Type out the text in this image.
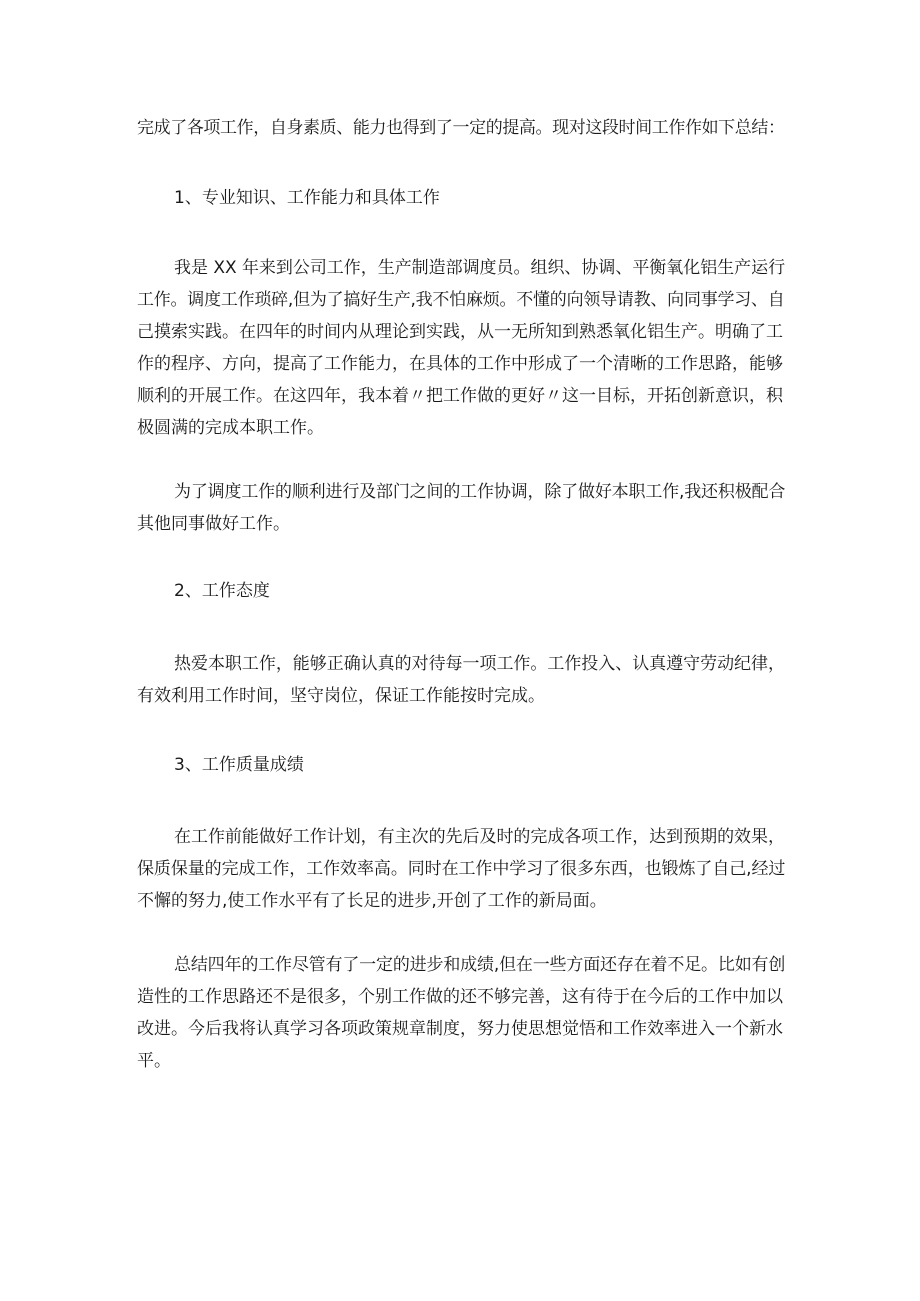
完成了各项工作，自身素质、能力也得到了一定的提高。现对这段时间工作作如下总结：
1、专业知识、工作能力和具体工作
我是 XX 年来到公司工作，生产制造部调度员。组织、协调、平衡氧化铝生产运行
工作。调度工作琐碎,但为了搞好生产,我不怕麻烦。不懂的向领导请教、向同事学习、自
己摸索实践。在四年的时间内从理论到实践，从一无所知到熟悉氧化铝生产。明确了工
作的程序、方向，提高了工作能力，在具体的工作中形成了一个清晰的工作思路，能够
顺利的开展工作。在这四年，我本着〃把工作做的更好〃这一目标，开拓创新意识，积
极圆满的完成本职工作。
为了调度工作的顺利进行及部门之间的工作协调，除了做好本职工作,我还积极配合
其他同事做好工作。
2、工作态度
热爱本职工作，能够正确认真的对待每一项工作。工作投入、认真遵守劳动纪律，
有效利用工作时间，坚守岗位，保证工作能按时完成。
3、工作质量成绩
在工作前能做好工作计划，有主次的先后及时的完成各项工作，达到预期的效果，
保质保量的完成工作，工作效率高。同时在工作中学习了很多东西，也锻炼了自己,经过
不懈的努力,使工作水平有了长足的进步,开创了工作的新局面。
总结四年的工作尽管有了一定的进步和成绩,但在一些方面还存在着不足。比如有创
造性的工作思路还不是很多，个别工作做的还不够完善，这有待于在今后的工作中加以
改进。今后我将认真学习各项政策规章制度，努力使思想觉悟和工作效率进入一个新水
平。
